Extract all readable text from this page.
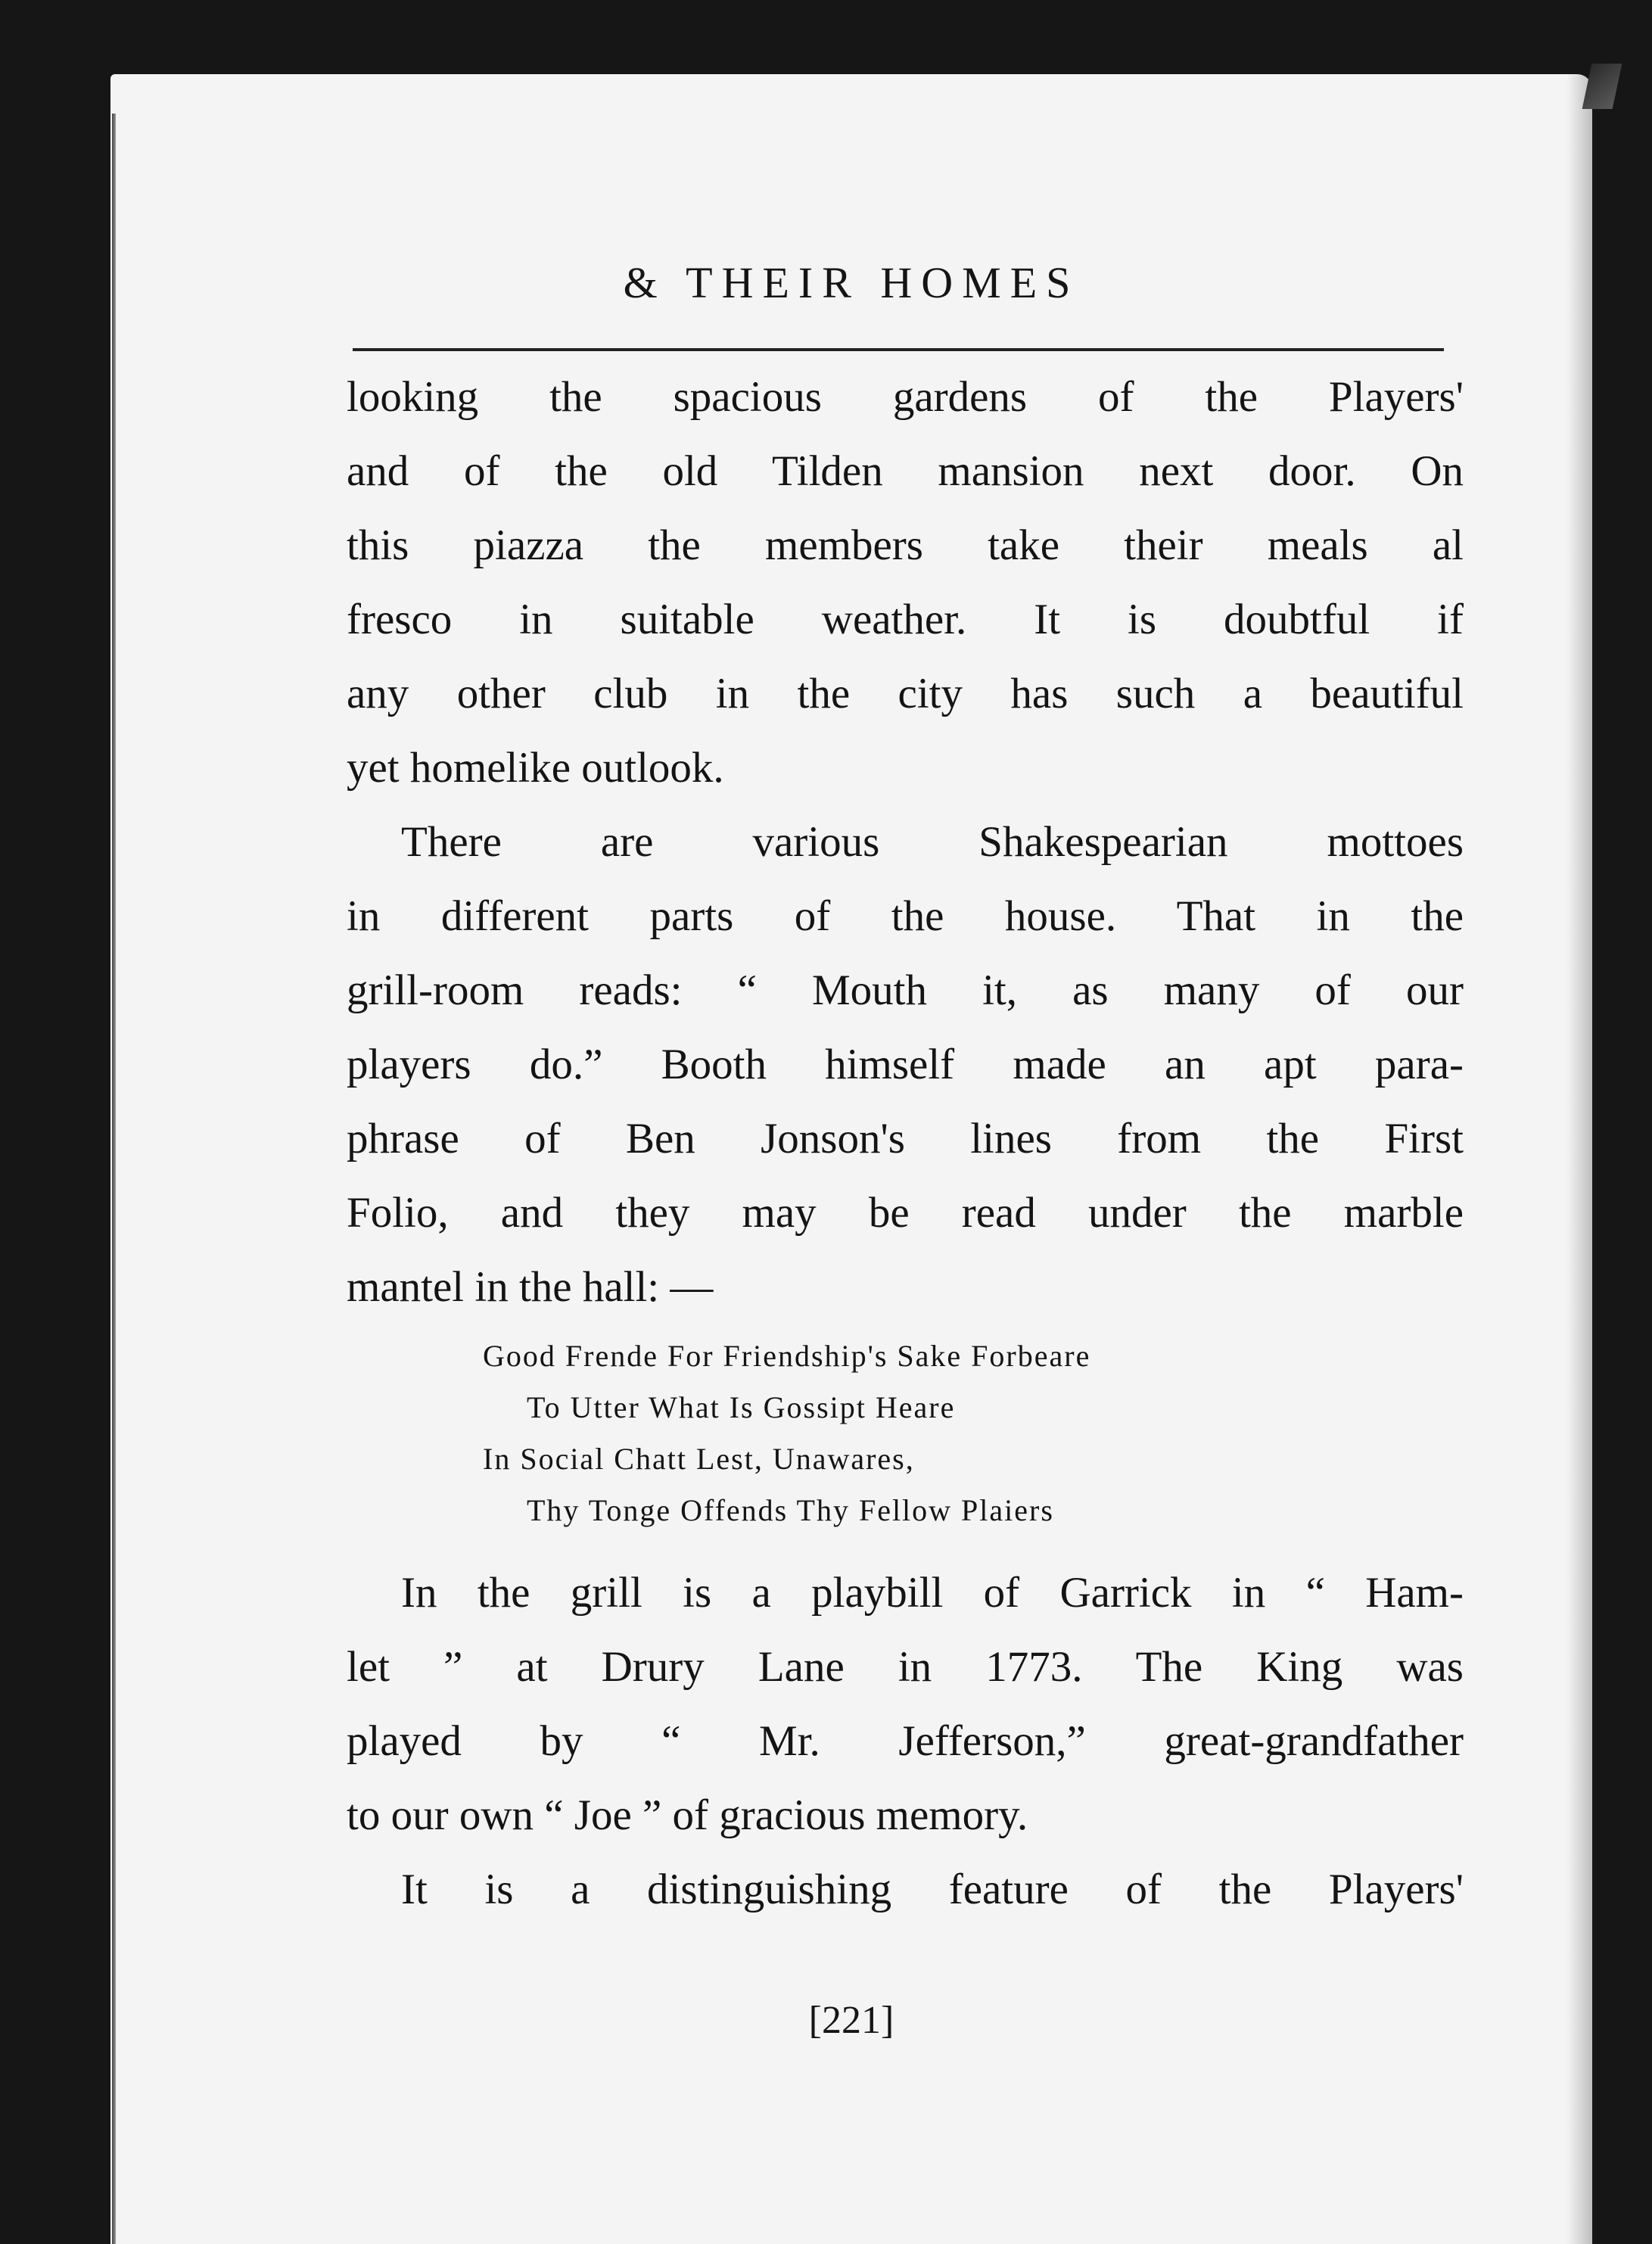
& THEIR HOMES
looking the spacious gardens of the Players'
and of the old Tilden mansion next door. On
this piazza the members take their meals al
fresco in suitable weather. It is doubtful if
any other club in the city has such a beautiful
yet homelike outlook.
There are various Shakespearian mottoes
in different parts of the house. That in the
grill-room reads: “ Mouth it, as many of our
players do.” Booth himself made an apt para-
phrase of Ben Jonson's lines from the First
Folio, and they may be read under the marble
mantel in the hall: —
Good Frende For Friendship's Sake Forbeare
To Utter What Is Gossipt Heare
In Social Chatt Lest, Unawares,
Thy Tonge Offends Thy Fellow Plaiers
In the grill is a playbill of Garrick in “ Ham-
let ” at Drury Lane in 1773. The King was
played by “ Mr. Jefferson,” great-grandfather
to our own “ Joe ” of gracious memory.
It is a distinguishing feature of the Players'
[221]
